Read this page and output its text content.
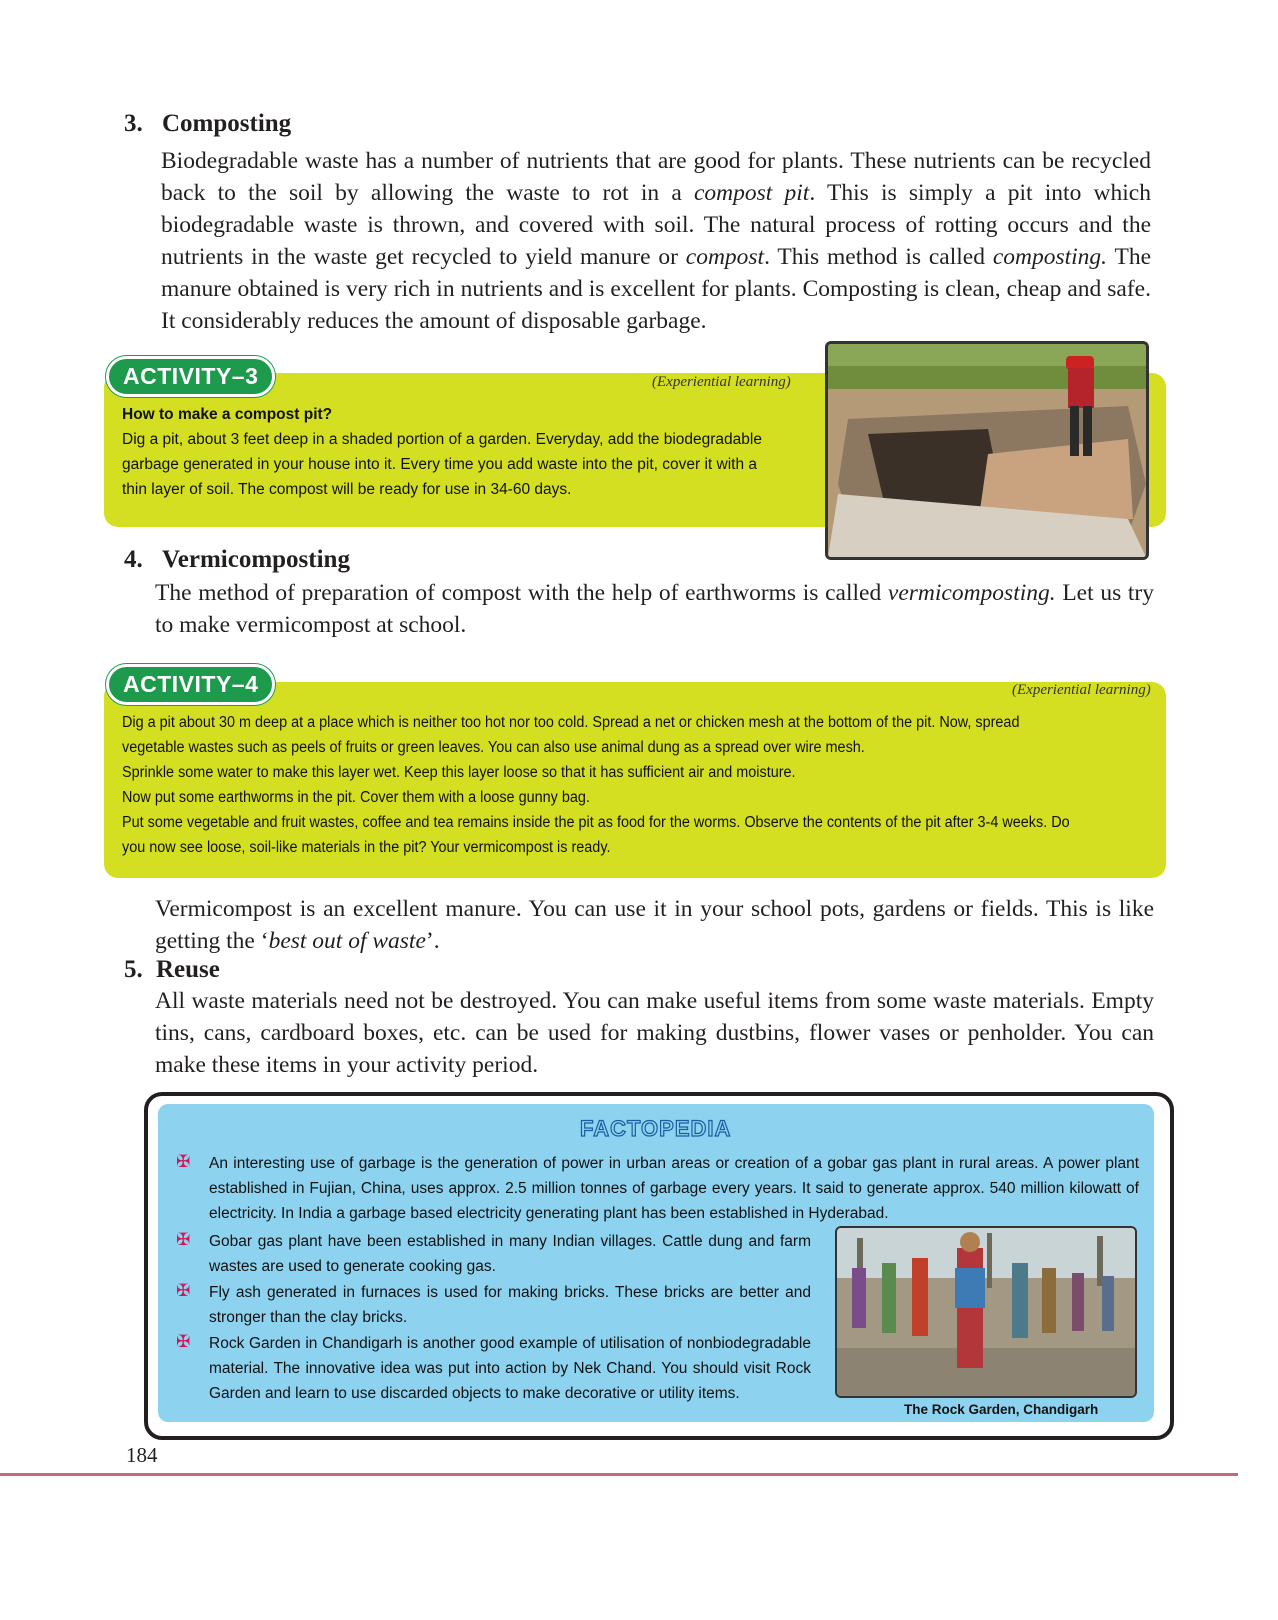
3. Composting
Biodegradable waste has a number of nutrients that are good for plants. These nutrients can be recycled back to the soil by allowing the waste to rot in a compost pit. This is simply a pit into which biodegradable waste is thrown, and covered with soil. The natural process of rotting occurs and the nutrients in the waste get recycled to yield manure or compost. This method is called composting. The manure obtained is very rich in nutrients and is excellent for plants. Composting is clean, cheap and safe. It considerably reduces the amount of disposable garbage.
ACTIVITY–3	(Experiential learning)
How to make a compost pit?
Dig a pit, about 3 feet deep in a shaded portion of a garden. Everyday, add the biodegradable
garbage generated in your house into it. Every time you add waste into the pit, cover it with a
thin layer of soil. The compost will be ready for use in 34-60 days.
4. Vermicomposting
The method of preparation of compost with the help of earthworms is called vermicomposting. Let us try to make vermicompost at school.
ACTIVITY–4	(Experiential learning)
Dig a pit about 30 m deep at a place which is neither too hot nor too cold. Spread a net or chicken mesh at the bottom of the pit. Now, spread
vegetable wastes such as peels of fruits or green leaves. You can also use animal dung as a spread over wire mesh.
Sprinkle some water to make this layer wet. Keep this layer loose so that it has sufficient air and moisture.
Now put some earthworms in the pit. Cover them with a loose gunny bag.
Put some vegetable and fruit wastes, coffee and tea remains inside the pit as food for the worms. Observe the contents of the pit after 3-4 weeks. Do
you now see loose, soil-like materials in the pit? Your vermicompost is ready.
Vermicompost is an excellent manure. You can use it in your school pots, gardens or fields. This is like getting the ‘best out of waste’.
5. Reuse
All waste materials need not be destroyed. You can make useful items from some waste materials. Empty tins, cans, cardboard boxes, etc. can be used for making dustbins, flower vases or penholder. You can make these items in your activity period.
FACTOPEDIA
✠ An interesting use of garbage is the generation of power in urban areas or creation of a gobar gas plant in rural areas. A power plant established in Fujian, China, uses approx. 2.5 million tonnes of garbage every years. It said to generate approx. 540 million kilowatt of electricity. In India a garbage based electricity generating plant has been established in Hyderabad.
✠ Gobar gas plant have been established in many Indian villages. Cattle dung and farm wastes are used to generate cooking gas.
✠ Fly ash generated in furnaces is used for making bricks. These bricks are better and stronger than the clay bricks.
✠ Rock Garden in Chandigarh is another good example of utilisation of nonbiodegradable material. The innovative idea was put into action by Nek Chand. You should visit Rock Garden and learn to use discarded objects to make decorative or utility items.
The Rock Garden, Chandigarh
184
